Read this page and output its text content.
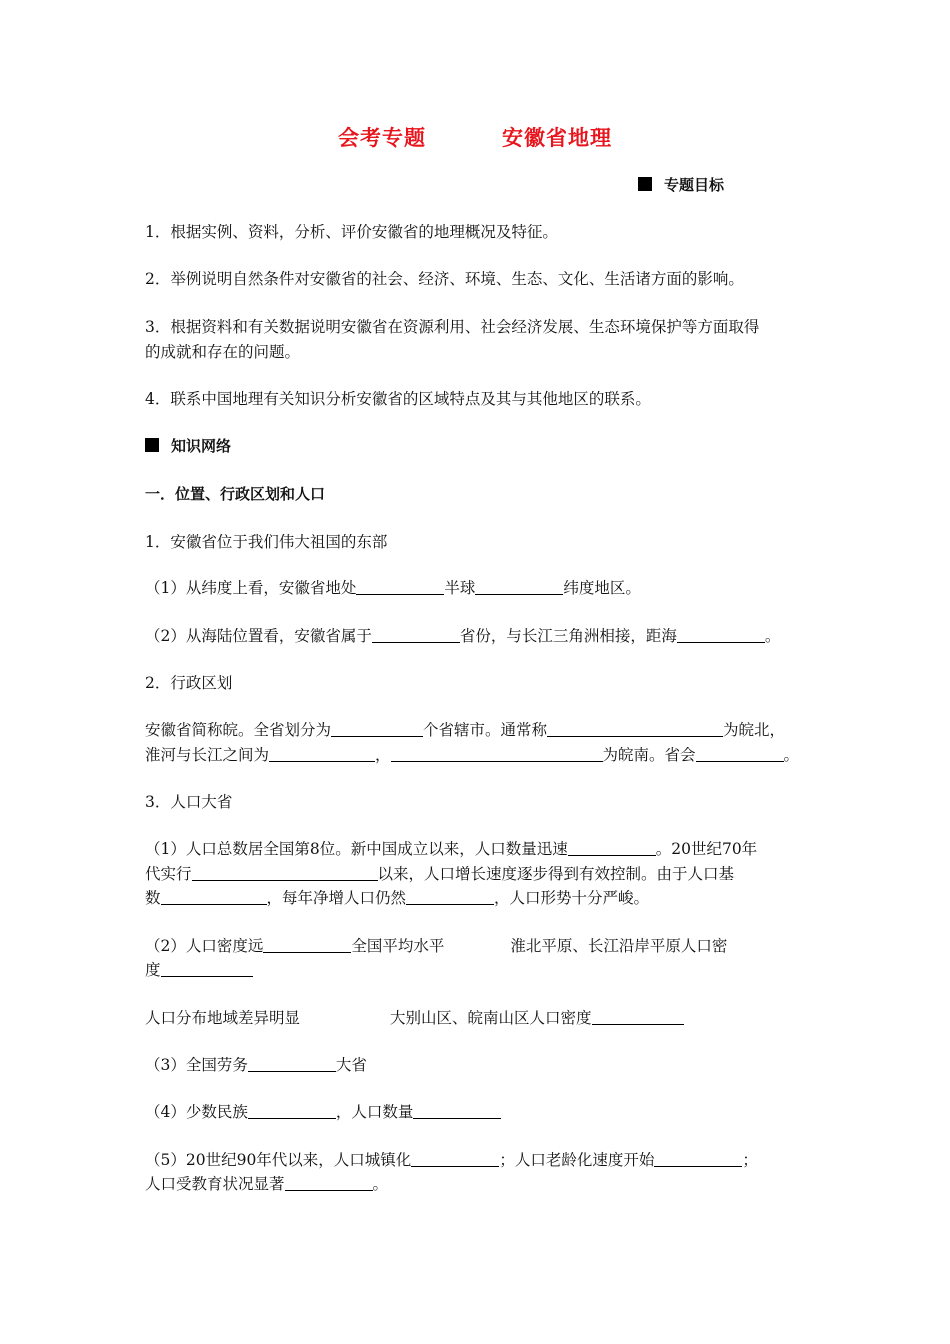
会考专题	安徽省地理
专题目标
1．根据实例、资料，分析、评价安徽省的地理概况及特征。
2．举例说明自然条件对安徽省的社会、经济、环境、生态、文化、生活诸方面的影响。
3．根据资料和有关数据说明安徽省在资源利用、社会经济发展、生态环境保护等方面取得
的成就和存在的问题。
4．联系中国地理有关知识分析安徽省的区域特点及其与其他地区的联系。
知识网络
一．位置、行政区划和人口
1．安徽省位于我们伟大祖国的东部
（1）从纬度上看，安徽省地处	半球	纬度地区。
（2）从海陆位置看，安徽省属于	省份，与长江三角洲相接，距海	。
2．行政区划
安徽省简称皖。全省划分为	个省辖市。通常称	为皖北，
淮河与长江之间为	，	为皖南。省会	。
3．人口大省
（1）人口总数居全国第8位。新中国成立以来，人口数量迅速	。20世纪70年
代实行	以来，人口增长速度逐步得到有效控制。由于人口基
数	，每年净增人口仍然	，人口形势十分严峻。
（2）人口密度远	全国平均水平	淮北平原、长江沿岸平原人口密
度
人口分布地域差异明显	大别山区、皖南山区人口密度
（3）全国劳务	大省
（4）少数民族	，人口数量
（5）20世纪90年代以来，人口城镇化	；人口老龄化速度开始	；
人口受教育状况显著	。
